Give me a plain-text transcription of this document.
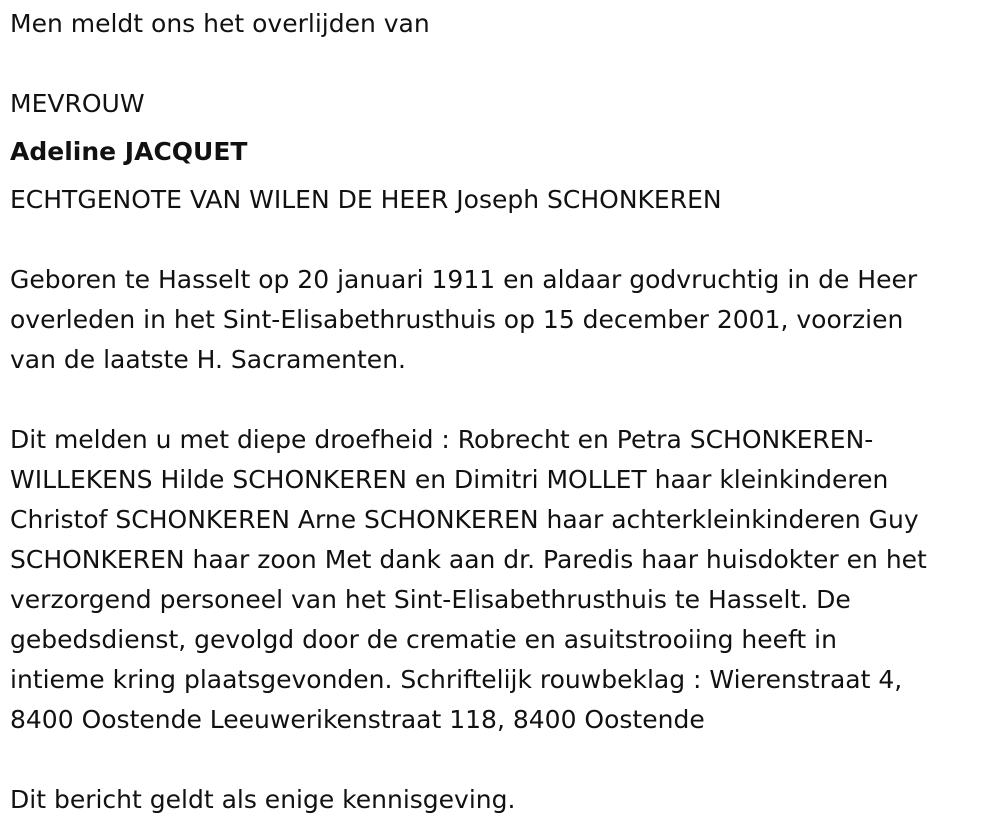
Men meldt ons het overlijden van
MEVROUW
Adeline JACQUET
ECHTGENOTE VAN WILEN DE HEER Joseph SCHONKEREN
Geboren te Hasselt op 20 januari 1911 en aldaar godvruchtig in de Heer
overleden in het Sint-Elisabethrusthuis op 15 december 2001, voorzien
van de laatste H. Sacramenten.
Dit melden u met diepe droefheid : Robrecht en Petra SCHONKEREN-
WILLEKENS Hilde SCHONKEREN en Dimitri MOLLET haar kleinkinderen
Christof SCHONKEREN Arne SCHONKEREN haar achterkleinkinderen Guy
SCHONKEREN haar zoon Met dank aan dr. Paredis haar huisdokter en het
verzorgend personeel van het Sint-Elisabethrusthuis te Hasselt. De
gebedsdienst, gevolgd door de crematie en asuitstrooiing heeft in
intieme kring plaatsgevonden. Schriftelijk rouwbeklag : Wierenstraat 4,
8400 Oostende Leeuwerikenstraat 118, 8400 Oostende
Dit bericht geldt als enige kennisgeving.
